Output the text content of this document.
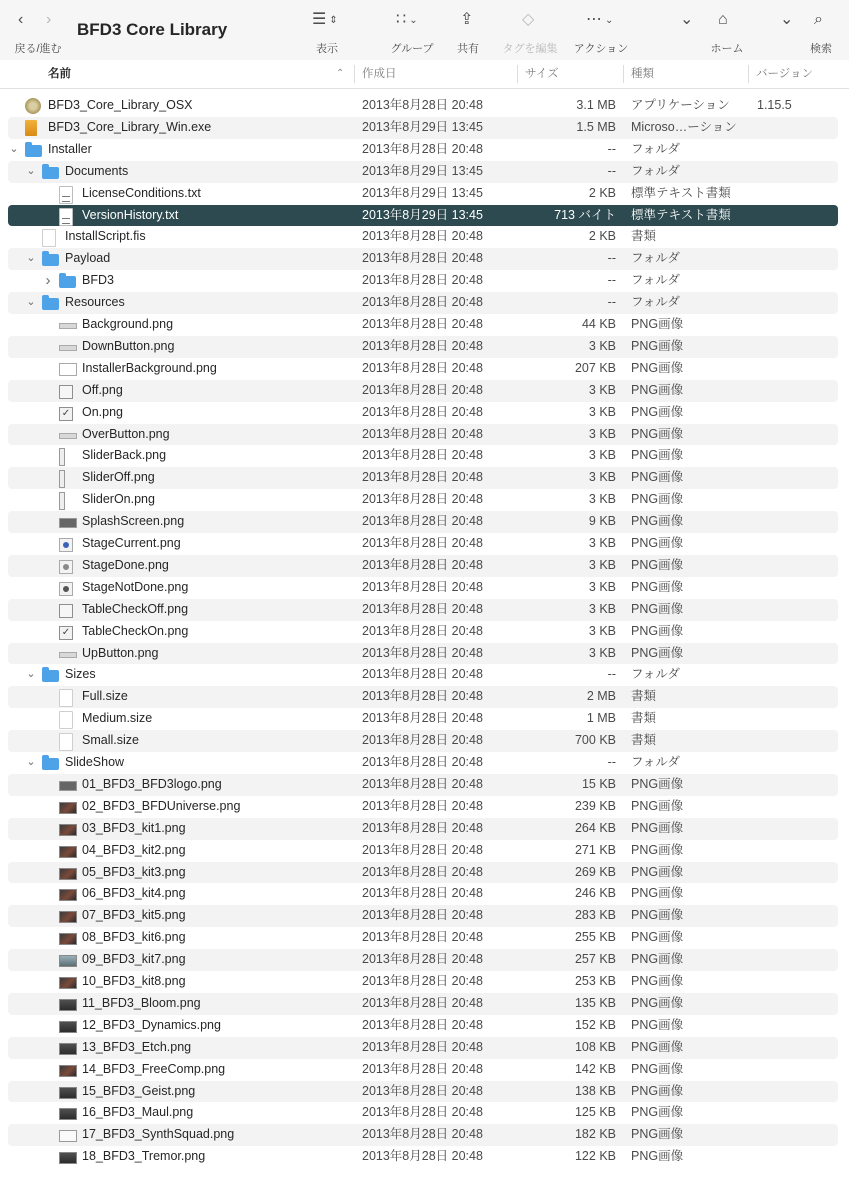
‹ ›
戻る/進む
BFD3 Core Library
☰ ⇕
表示
∷ ⌄
グループ
⇪
共有
◇
タグを編集
⋯ ⌄
アクション
⌄ ⌂
ホーム
⌄ ⌕
検索
名前	⌃ 作成日	サイズ	種類	バージョン
BFD3_Core_Library_OSX	2013年8月28日 20:48	3.1 MB アプリケーション 1.15.5
BFD3_Core_Library_Win.exe	2013年8月29日 13:45	1.5 MB Microso…ーション
⌄ Installer	2013年8月28日 20:48	-- フォルダ
⌄ Documents	2013年8月29日 13:45	-- フォルダ
LicenseConditions.txt	2013年8月29日 13:45	2 KB 標準テキスト書類
VersionHistory.txt	2013年8月29日 13:45	713 バイト 標準テキスト書類
InstallScript.fis	2013年8月28日 20:48	2 KB 書類
⌄ Payload	2013年8月28日 20:48	-- フォルダ
›	BFD3	2013年8月28日 20:48	-- フォルダ
⌄ Resources	2013年8月28日 20:48	-- フォルダ
Background.png	2013年8月28日 20:48	44 KB PNG画像
DownButton.png	2013年8月28日 20:48	3 KB PNG画像
InstallerBackground.png	2013年8月28日 20:48	207 KB PNG画像
Off.png	2013年8月28日 20:48	3 KB PNG画像
✓ On.png	2013年8月28日 20:48	3 KB PNG画像
OverButton.png	2013年8月28日 20:48	3 KB PNG画像
SliderBack.png	2013年8月28日 20:48	3 KB PNG画像
SliderOff.png	2013年8月28日 20:48	3 KB PNG画像
SliderOn.png	2013年8月28日 20:48	3 KB PNG画像
SplashScreen.png	2013年8月28日 20:48	9 KB PNG画像
StageCurrent.png	2013年8月28日 20:48	3 KB PNG画像
StageDone.png	2013年8月28日 20:48	3 KB PNG画像
StageNotDone.png	2013年8月28日 20:48	3 KB PNG画像
TableCheckOff.png	2013年8月28日 20:48	3 KB PNG画像
✓ TableCheckOn.png	2013年8月28日 20:48	3 KB PNG画像
UpButton.png	2013年8月28日 20:48	3 KB PNG画像
⌄ Sizes	2013年8月28日 20:48	-- フォルダ
Full.size	2013年8月28日 20:48	2 MB 書類
Medium.size	2013年8月28日 20:48	1 MB 書類
Small.size	2013年8月28日 20:48	700 KB 書類
⌄ SlideShow	2013年8月28日 20:48	-- フォルダ
01_BFD3_BFD3logo.png	2013年8月28日 20:48	15 KB PNG画像
02_BFD3_BFDUniverse.png	2013年8月28日 20:48	239 KB PNG画像
03_BFD3_kit1.png	2013年8月28日 20:48	264 KB PNG画像
04_BFD3_kit2.png	2013年8月28日 20:48	271 KB PNG画像
05_BFD3_kit3.png	2013年8月28日 20:48	269 KB PNG画像
06_BFD3_kit4.png	2013年8月28日 20:48	246 KB PNG画像
07_BFD3_kit5.png	2013年8月28日 20:48	283 KB PNG画像
08_BFD3_kit6.png	2013年8月28日 20:48	255 KB PNG画像
09_BFD3_kit7.png	2013年8月28日 20:48	257 KB PNG画像
10_BFD3_kit8.png	2013年8月28日 20:48	253 KB PNG画像
11_BFD3_Bloom.png	2013年8月28日 20:48	135 KB PNG画像
12_BFD3_Dynamics.png	2013年8月28日 20:48	152 KB PNG画像
13_BFD3_Etch.png	2013年8月28日 20:48	108 KB PNG画像
14_BFD3_FreeComp.png	2013年8月28日 20:48	142 KB PNG画像
15_BFD3_Geist.png	2013年8月28日 20:48	138 KB PNG画像
16_BFD3_Maul.png	2013年8月28日 20:48	125 KB PNG画像
17_BFD3_SynthSquad.png	2013年8月28日 20:48	182 KB PNG画像
18_BFD3_Tremor.png	2013年8月28日 20:48	122 KB PNG画像
